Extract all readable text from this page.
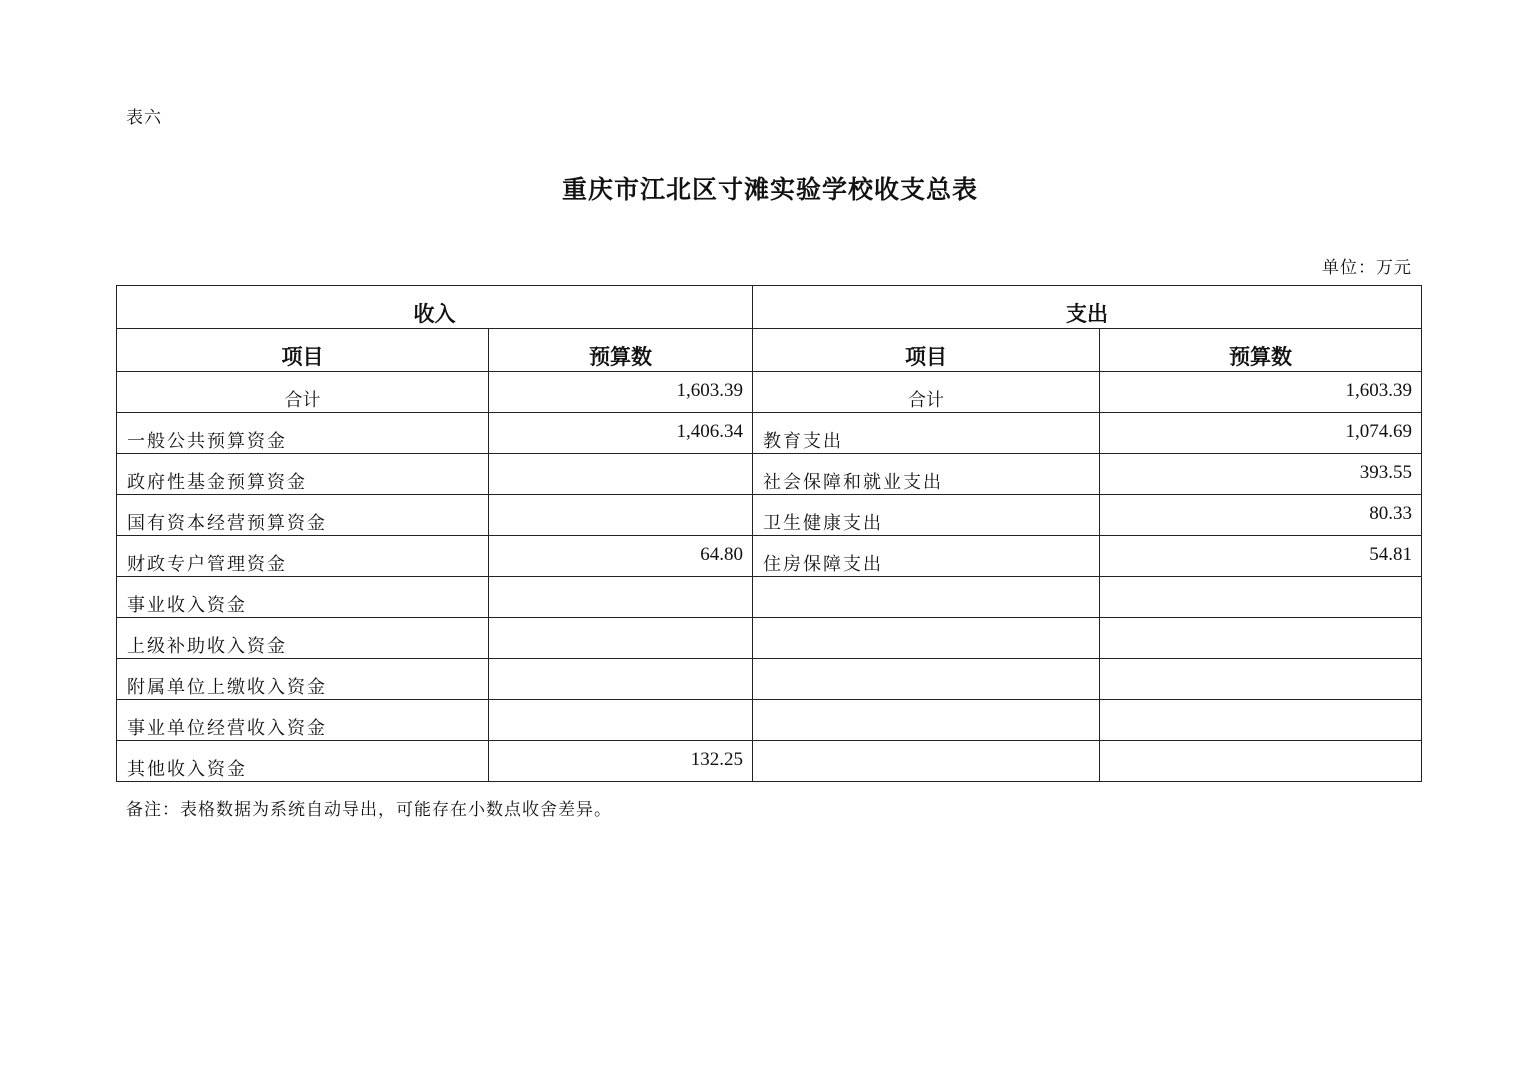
表六
重庆市江北区寸滩实验学校收支总表
单位：万元
收入		支出	
项目	预算数	项目	预算数
合计	1,603.39	合计	1,603.39
一般公共预算资金	1,406.34	教育支出	1,074.69
政府性基金预算资金		社会保障和就业支出	393.55
国有资本经营预算资金		卫生健康支出	80.33
财政专户管理资金	64.80	住房保障支出	54.81
事业收入资金			
上级补助收入资金			
附属单位上缴收入资金			
事业单位经营收入资金			
其他收入资金	132.25		
备注：表格数据为系统自动导出，可能存在小数点收舍差异。
